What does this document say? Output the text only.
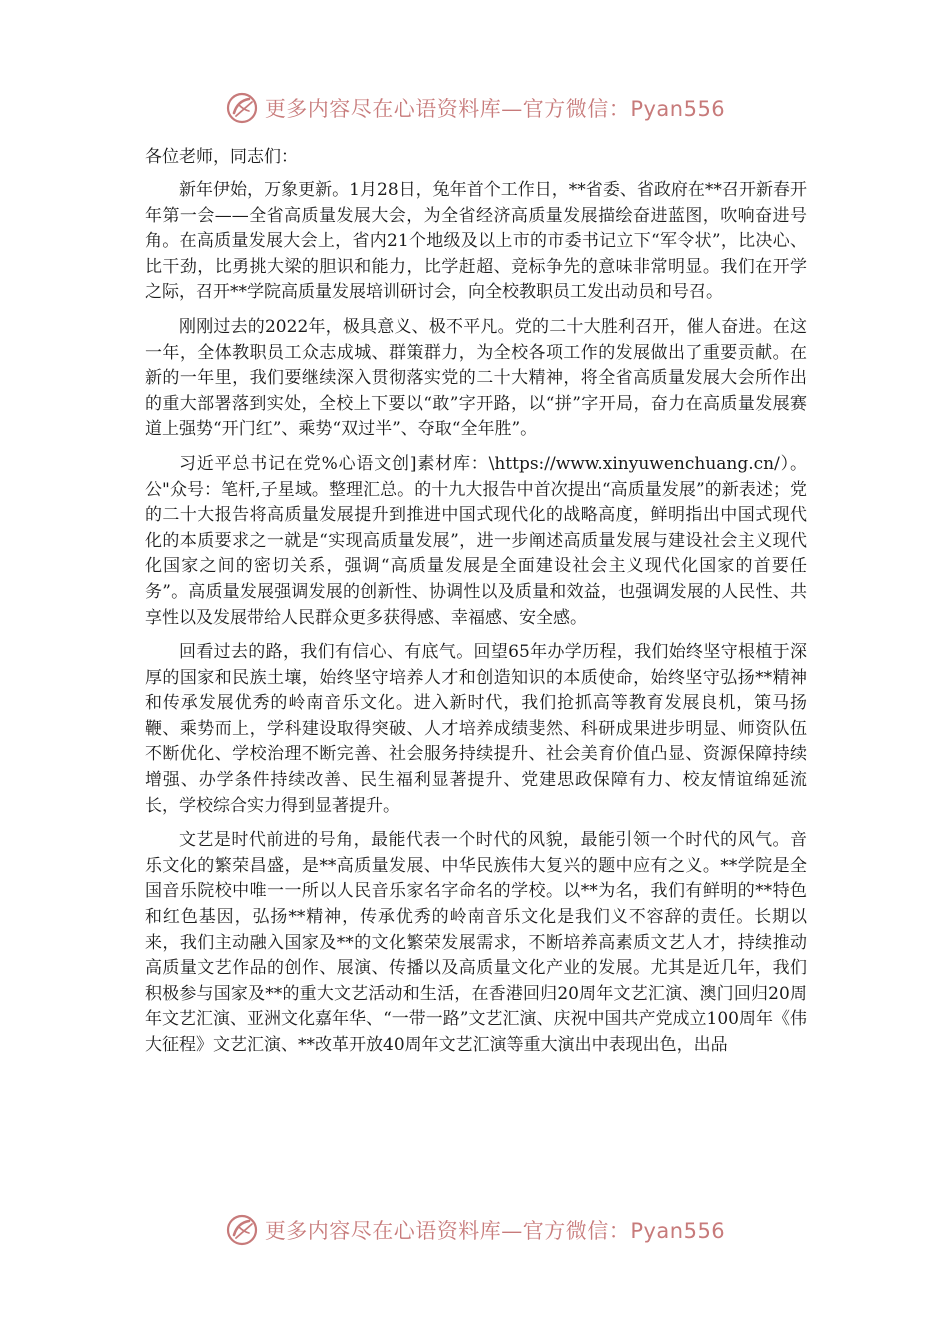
更多内容尽在心语资料库—官方微信：Pyan556
各位老师，同志们：

新年伊始，万象更新。1月28日，兔年首个工作日，**省委、省政府在**召开新春开年第一会——全省高质量发展大会，为全省经济高质量发展描绘奋进蓝图，吹响奋进号角。在高质量发展大会上，省内21个地级及以上市的市委书记立下“军令状”，比决心、比干劲，比勇挑大梁的胆识和能力，比学赶超、竞标争先的意味非常明显。我们在开学之际，召开**学院高质量发展培训研讨会，向全校教职员工发出动员和号召。

刚刚过去的2022年，极具意义、极不平凡。党的二十大胜利召开，催人奋进。在这一年，全体教职员工众志成城、群策群力，为全校各项工作的发展做出了重要贡献。在新的一年里，我们要继续深入贯彻落实党的二十大精神，将全省高质量发展大会所作出的重大部署落到实处，全校上下要以“敢”字开路，以“拼”字开局，奋力在高质量发展赛道上强势“开门红”、乘势“双过半”、夺取“全年胜”。

习近平总书记在党%心语文创]素材库：\https://www.xinyuwenchuang.cn/）。公"众号：笔杆,子星域。整理汇总。的十九大报告中首次提出“高质量发展”的新表述；党的二十大报告将高质量发展提升到推进中国式现代化的战略高度，鲜明指出中国式现代化的本质要求之一就是“实现高质量发展”，进一步阐述高质量发展与建设社会主义现代化国家之间的密切关系，强调“高质量发展是全面建设社会主义现代化国家的首要任务”。高质量发展强调发展的创新性、协调性以及质量和效益，也强调发展的人民性、共享性以及发展带给人民群众更多获得感、幸福感、安全感。

回看过去的路，我们有信心、有底气。回望65年办学历程，我们始终坚守根植于深厚的国家和民族土壤，始终坚守培养人才和创造知识的本质使命，始终坚守弘扬**精神和传承发展优秀的岭南音乐文化。进入新时代，我们抢抓高等教育发展良机，策马扬鞭、乘势而上，学科建设取得突破、人才培养成绩斐然、科研成果进步明显、师资队伍不断优化、学校治理不断完善、社会服务持续提升、社会美育价值凸显、资源保障持续增强、办学条件持续改善、民生福利显著提升、党建思政保障有力、校友情谊绵延流长，学校综合实力得到显著提升。

文艺是时代前进的号角，最能代表一个时代的风貌，最能引领一个时代的风气。音乐文化的繁荣昌盛，是**高质量发展、中华民族伟大复兴的题中应有之义。**学院是全国音乐院校中唯一一所以人民音乐家名字命名的学校。以**为名，我们有鲜明的**特色和红色基因，弘扬**精神，传承优秀的岭南音乐文化是我们义不容辞的责任。长期以来，我们主动融入国家及**的文化繁荣发展需求，不断培养高素质文艺人才，持续推动高质量文艺作品的创作、展演、传播以及高质量文化产业的发展。尤其是近几年，我们积极参与国家及**的重大文艺活动和生活，在香港回归20周年文艺汇演、澳门回归20周年文艺汇演、亚洲文化嘉年华、“一带一路”文艺汇演、庆祝中国共产党成立100周年《伟大征程》文艺汇演、**改革开放40周年文艺汇演等重大演出中表现出色，出品

更多内容尽在心语资料库—官方微信：Pyan556
